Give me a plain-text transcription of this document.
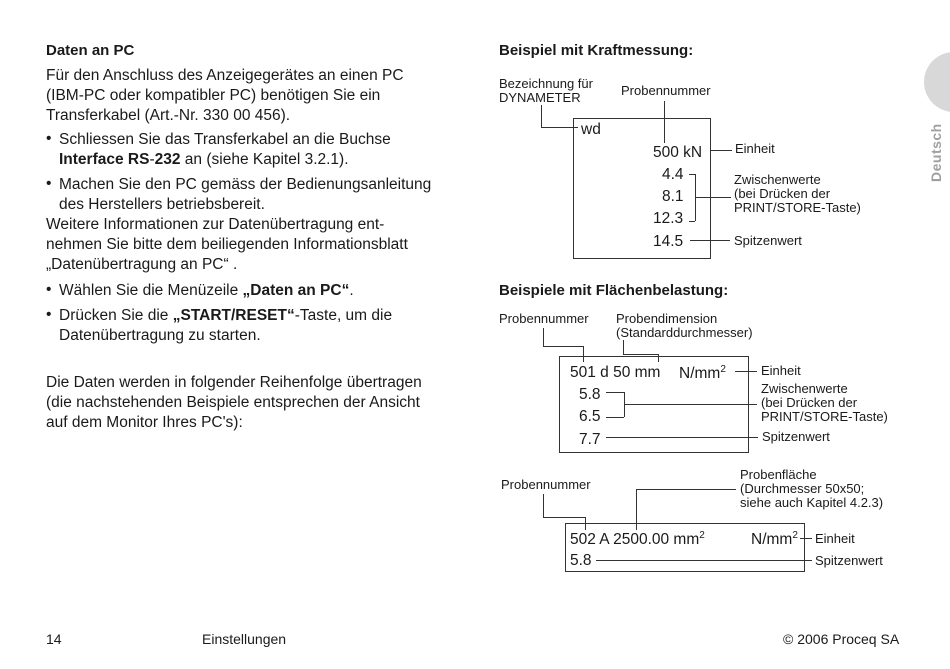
Deutsch
Daten an PC
Für den Anschluss des Anzeigegerätes an einen PC
(IBM-PC oder kompatibler PC) benötigen Sie ein
Transferkabel (Art.-Nr. 330 00 456).
• Schliessen Sie das Transferkabel an die Buchse
Interface RS-232 an (siehe Kapitel 3.2.1).
• Machen Sie den PC gemäss der Bedienungsanleitung
des Herstellers betriebsbereit.
Weitere Informationen zur Datenübertragung ent-
nehmen Sie bitte dem beiliegenden Informationsblatt
„Datenübertragung an PC“ .
• Wählen Sie die Menüzeile „Daten an PC“.
• Drücken Sie die „START/RESET“-Taste, um die
Datenübertragung zu starten.
Die Daten werden in folgender Reihenfolge übertragen
(die nachstehenden Beispiele entsprechen der Ansicht
auf dem Monitor Ihres PC's):
Beispiel mit Kraftmessung:
Bezeichnung für
DYNAMETER	Probennummer
wd
500 kN
4.4
8.1
12.3
14.5
Einheit
Zwischenwerte
(bei Drücken der
PRINT/STORE-Taste)
Spitzenwert
Beispiele mit Flächenbelastung:
Probennummer Probendimension
(Standarddurchmesser)
501 d 50 mm $N/mm^2$
5.8
6.5
7.7
Einheit
Zwischenwerte
(bei Drücken der
PRINT/STORE-Taste)
Spitzenwert
Probennummer
Probenfläche
(Durchmesser 50x50;
siehe auch Kapitel 4.2.3)
502 A 2500.00 $mm^2$	$N/mm^2$
5.8
Einheit
Spitzenwert
14	Einstellungen	© 2006 Proceq SA
